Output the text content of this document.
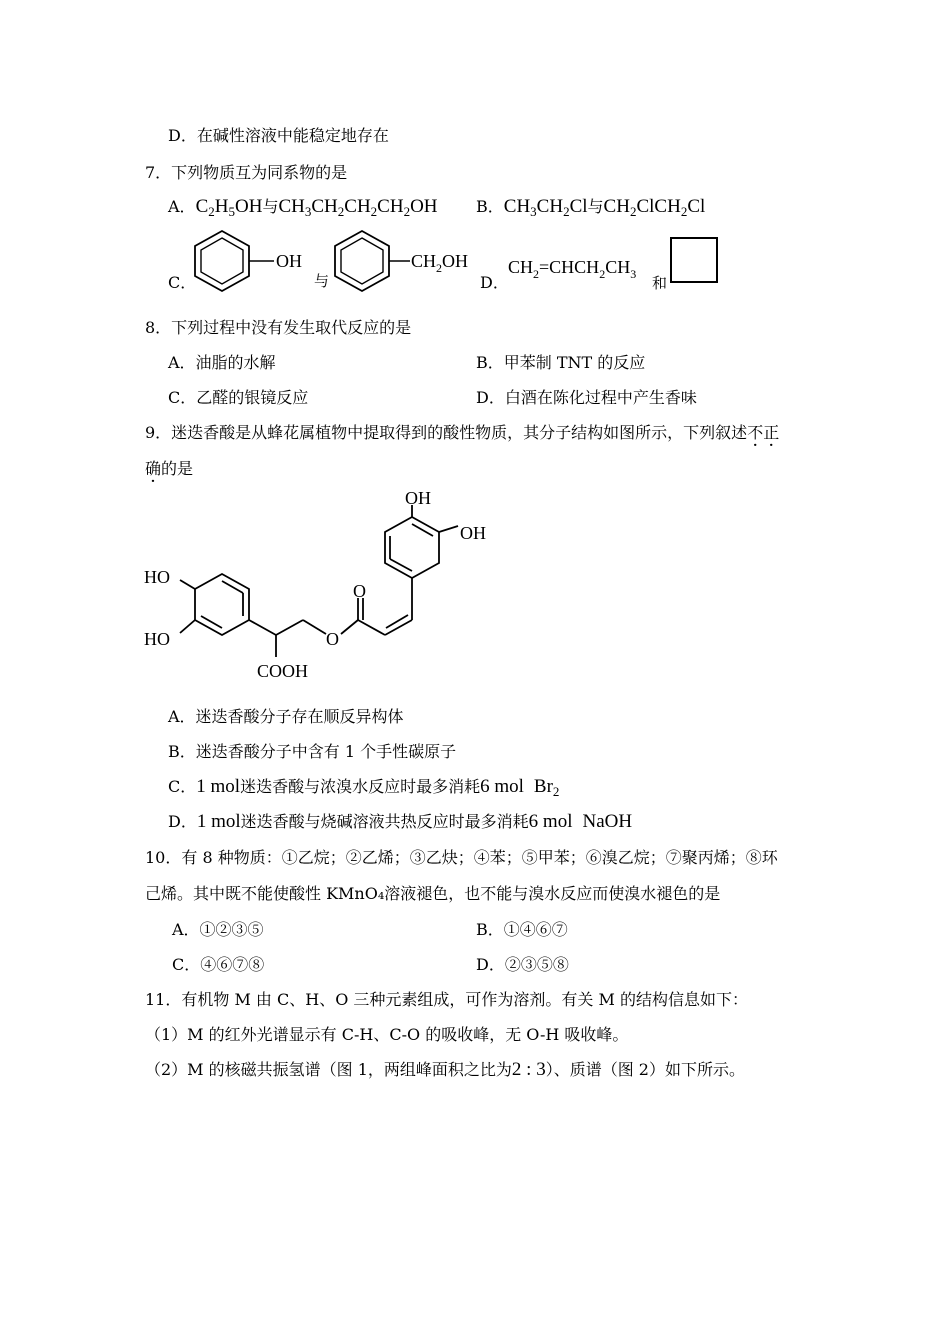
D．在碱性溶液中能稳定地存在
7．下列物质互为同系物的是
A．$C_2H_5OH$与$CH_3CH_2CH_2CH_2OH$ B．$CH_3CH_2Cl$与$CH_2ClCH_2Cl$
C．
OH
与
$CH_2OH$
D．
$CH_2=CHCH_2CH_3$ 和
8．下列过程中没有发生取代反应的是
A．油脂的水解	B．甲苯制 TNT 的反应
C．乙醛的银镜反应	D．白酒在陈化过程中产生香味
9．迷迭香酸是从蜂花属植物中提取得到的酸性物质，其分子结构如图所示，下列叙述不正
确的是
OH
OH
HO
HO	O
O
COOH
A．迷迭香酸分子存在顺反异构体
B．迷迭香酸分子中含有 1 个手性碳原子
C．1 mol迷迭香酸与浓溴水反应时最多消耗6 mol $Br_2$
D．1 mol迷迭香酸与烧碱溶液共热反应时最多消耗6 mol NaOH
10．有 8 种物质：①乙烷；②乙烯；③乙炔；④苯；⑤甲苯；⑥溴乙烷；⑦聚丙烯；⑧环
己烯。其中既不能使酸性 KMnO₄溶液褪色，也不能与溴水反应而使溴水褪色的是
A．①②③⑤	B．①④⑥⑦
C．④⑥⑦⑧	D．②③⑤⑧
11．有机物 M 由 C、H、O 三种元素组成，可作为溶剂。有关 M 的结构信息如下：
（1）M 的红外光谱显示有 C-H、C-O 的吸收峰，无 O-H 吸收峰。
（2）M 的核磁共振氢谱（图 1，两组峰面积之比为2 : 3）、质谱（图 2）如下所示。
